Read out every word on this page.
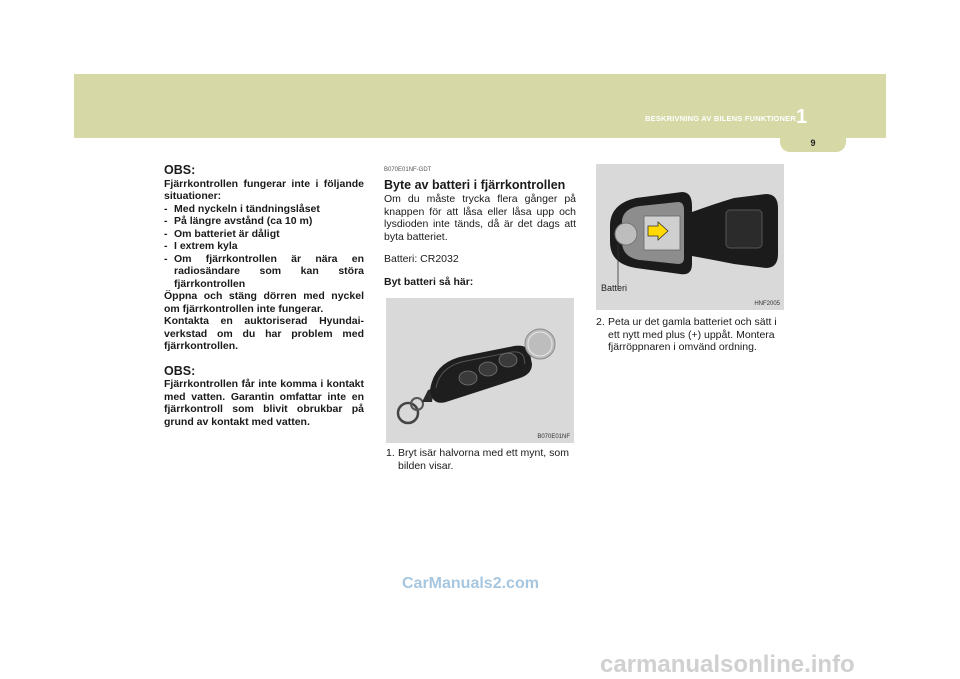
BESKRIVNING AV BILENS FUNKTIONER 1
9
OBS:
Fjärrkontrollen fungerar inte i följande situationer:
- Med nyckeln i tändningslåset
- På längre avstånd (ca 10 m)
- Om batteriet är dåligt
- I extrem kyla
- Om fjärrkontrollen är nära en radiosändare som kan störa fjärrkontrollen
Öppna och stäng dörren med nyckel om fjärrkontrollen inte fungerar.
Kontakta en auktoriserad Hyundai-verkstad om du har problem med fjärrkontrollen.
OBS:
Fjärrkontrollen får inte komma i kontakt med vatten. Garantin omfattar inte en fjärrkontroll som blivit obrukbar på grund av kontakt med vatten.
B070E01NF-GDT
Byte av batteri i fjärrkontrollen
Om du måste trycka flera gånger på knappen för att låsa eller låsa upp och lysdioden inte tänds, då är det dags att byta batteriet.
Batteri: CR2032
Byt batteri så här:
B070E01NF
1. Bryt isär halvorna med ett mynt, som bilden visar.
Batteri
HNF2005
2. Peta ur det gamla batteriet och sätt i ett nytt med plus (+) uppåt. Montera fjärröppnaren i omvänd ordning.
CarManuals2.com
carmanualsonline.info
